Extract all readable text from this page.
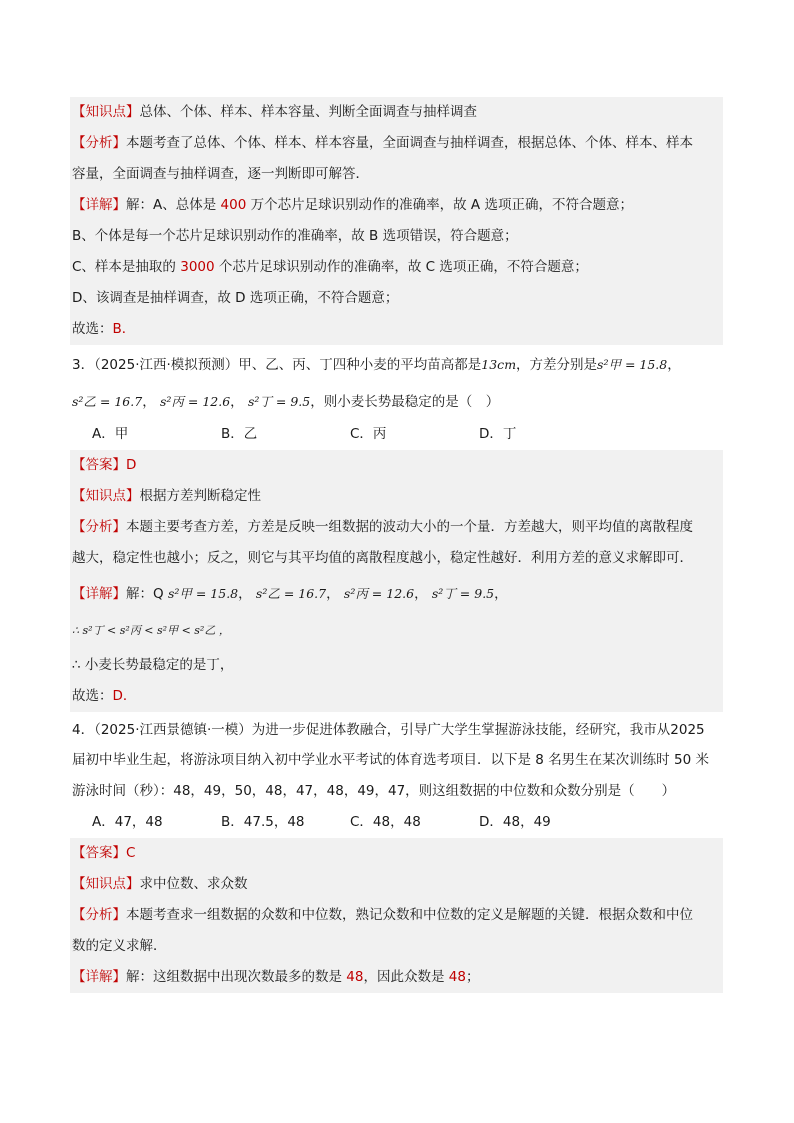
【知识点】总体、个体、样本、样本容量、判断全面调查与抽样调查
【分析】本题考查了总体、个体、样本、样本容量，全面调查与抽样调查，根据总体、个体、样本、样本
容量，全面调查与抽样调查，逐一判断即可解答．
【详解】解：A、总体是 400 万个芯片足球识别动作的准确率，故 A 选项正确，不符合题意；
B、个体是每一个芯片足球识别动作的准确率，故 B 选项错误，符合题意；
C、样本是抽取的 3000 个芯片足球识别动作的准确率，故 C 选项正确，不符合题意；
D、该调查是抽样调查，故 D 选项正确，不符合题意；
故选：B．
3．（2025·江西·模拟预测）甲、乙、丙、丁四种小麦的平均苗高都是13cm，方差分别是s²甲 = 15.8，
s²乙 = 16.7， s²丙 = 12.6， s²丁 = 9.5，则小麦长势最稳定的是（　）
A．甲	B．乙	C．丙	D．丁
【答案】D
【知识点】根据方差判断稳定性
【分析】本题主要考查方差，方差是反映一组数据的波动大小的一个量．方差越大，则平均值的离散程度
越大，稳定性也越小；反之，则它与其平均值的离散程度越小，稳定性越好．利用方差的意义求解即可．
【详解】解：Q s²甲 = 15.8， s²乙 = 16.7， s²丙 = 12.6， s²丁 = 9.5，
∴ s²丁 < s²丙 < s²甲 < s²乙 ，
∴ 小麦长势最稳定的是丁，
故选：D．
4．（2025·江西景德镇·一模）为进一步促进体教融合，引导广大学生掌握游泳技能，经研究，我市从2025
届初中毕业生起，将游泳项目纳入初中学业水平考试的体育选考项目．以下是 8 名男生在某次训练时 50 米
游泳时间（秒）：48，49，50，48，47，48，49，47，则这组数据的中位数和众数分别是（　　）
A．47，48	B．47.5，48	C．48，48	D．48，49
【答案】C
【知识点】求中位数、求众数
【分析】本题考查求一组数据的众数和中位数，熟记众数和中位数的定义是解题的关键．根据众数和中位
数的定义求解．
【详解】解：这组数据中出现次数最多的数是 48，因此众数是 48；
